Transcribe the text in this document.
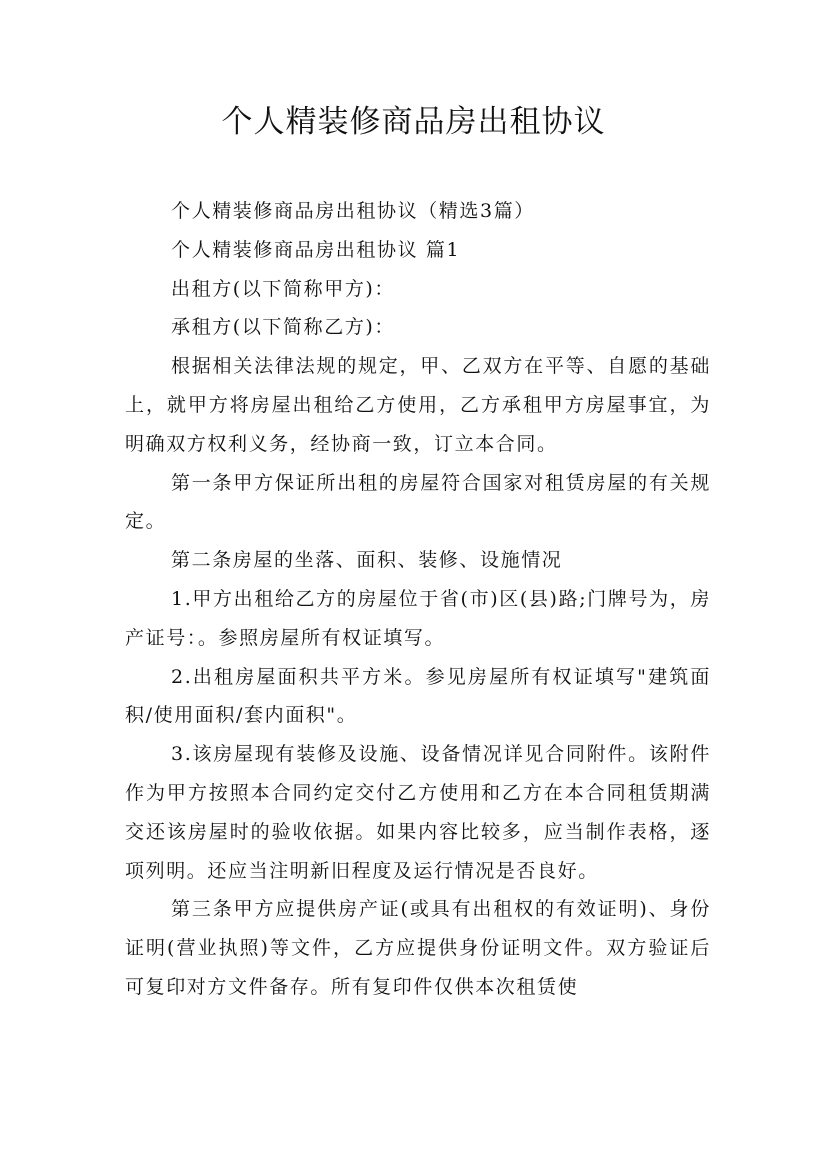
个人精装修商品房出租协议

个人精装修商品房出租协议（精选3篇）

个人精装修商品房出租协议 篇1

出租方(以下简称甲方)：

承租方(以下简称乙方)：

根据相关法律法规的规定，甲、乙双方在平等、自愿的基础上，就甲方将房屋出租给乙方使用，乙方承租甲方房屋事宜，为明确双方权利义务，经协商一致，订立本合同。

第一条甲方保证所出租的房屋符合国家对租赁房屋的有关规定。

第二条房屋的坐落、面积、装修、设施情况

1.甲方出租给乙方的房屋位于省(市)区(县)路;门牌号为，房产证号：。参照房屋所有权证填写。

2.出租房屋面积共平方米。参见房屋所有权证填写"建筑面积/使用面积/套内面积"。

3.该房屋现有装修及设施、设备情况详见合同附件。该附件作为甲方按照本合同约定交付乙方使用和乙方在本合同租赁期满交还该房屋时的验收依据。如果内容比较多，应当制作表格，逐项列明。还应当注明新旧程度及运行情况是否良好。

第三条甲方应提供房产证(或具有出租权的有效证明)、身份证明(营业执照)等文件，乙方应提供身份证明文件。双方验证后可复印对方文件备存。所有复印件仅供本次租赁使
